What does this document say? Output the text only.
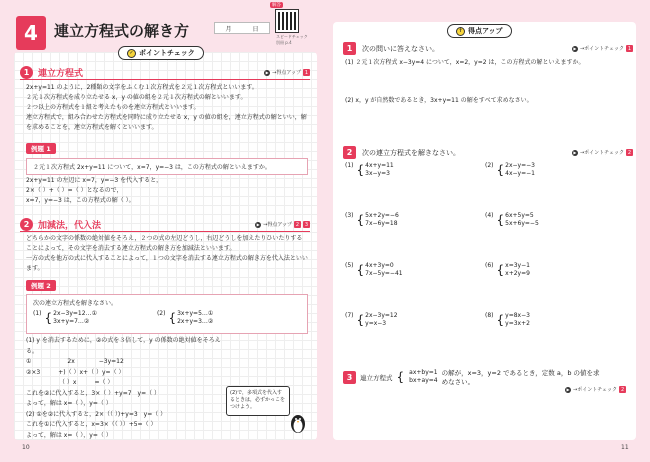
4	連立方程式の解き方	月	日
解答
スピードチェック
別冊 p.4
✓ ポイントチェック
1 連立方程式	▶ →得点アップ 1
2x+y=11 のように，2種類の文字をふくむ１次方程式を２元１次方程式といいます。
２元１次方程式を成り立たせる x，y の値の組を２元１次方程式の解といいます。
２つ以上の方程式を１組と考えたものを連立方程式といいます。
連立方程式で，組み合わせた方程式を同時に成り立たせる x，y の値の組を，連立方程式の解といい，解を求めることを，連立方程式を解くといいます。
例題 1
２元１次方程式 2x+y=11 について，x=7，y=−3 は，この方程式の解といえますか。
2x+y=11 の左辺に x=7，y=−3 を代入すると，
2×（ ）+（ ）=（ ）となるので，
x=7，y=−3 は，この方程式の解（ ）。
2 加減法，代入法	▶ →得点アップ 2	3
どちらかの文字の係数の絶対値をそろえ，２つの式の左辺どうし，右辺どうしを加えたりひいたりすることによって，その文字を消去する連立方程式の解き方を加減法といいます。
一方の式を他方の式に代入することによって，１つの文字を消去する連立方程式の解き方を代入法といいます。
例題 2
次の連立方程式を解きなさい。
(1) { 2x−3y=12…①
3x+y=7…②
(2) { 3x+y=5…①
2x+y=3…②
(1) y を消去するために，②の式を３倍して，y の係数の絶対値をそろえる。
①　　　　　　2x　　　　−3y=12
②×3　　　+)（ ）x+（ ）y=（ ）
　　　　　　（ ）x　　　=（ ）
これを②に代入すると，3×（ ）+y=7　y=（ ）
よって，解は x=（ ），y=（ ）
(2) ①を②に代入すると，2×（（ ）)+y=3　y=（ ）
これを①に代入すると，x=3×（（ ））+5=（ ）
よって，解は x=（ ），y=（ ）
(2)で，多項式を代入するときは，必ずかっこをつけよう。
10
↑ 得点アップ
1	次の問いに答えなさい。	▶ →ポイントチェック 1
(1) ２元１次方程式 x−3y=4 について，x=2，y=2 は，この方程式の解といえますか。
(2) x，y が自然数であるとき，3x+y=11 の解をすべて求めなさい。
2	次の連立方程式を解きなさい。	▶ →ポイントチェック 2
(1) { 4x+y=11
3x−y=3
(2) { 2x−y=−3
4x−y=−1
(3) { 5x+2y=−6
7x−6y=18
(4) { 6x+5y=5
5x+6y=−5
(5) { 4x+3y=0
7x−5y=−41
(6) { x=3y−1
x+2y=9
(7) { 2x−3y=12
y=x−3
(8) { y=8x−3
y=3x+2
3	連立方程式 { ax+by=1
bx+ay=4
の解が，x=3，y=2 であるとき，定数 a，b の値を求めなさい。
▶ →ポイントチェック 2
11
